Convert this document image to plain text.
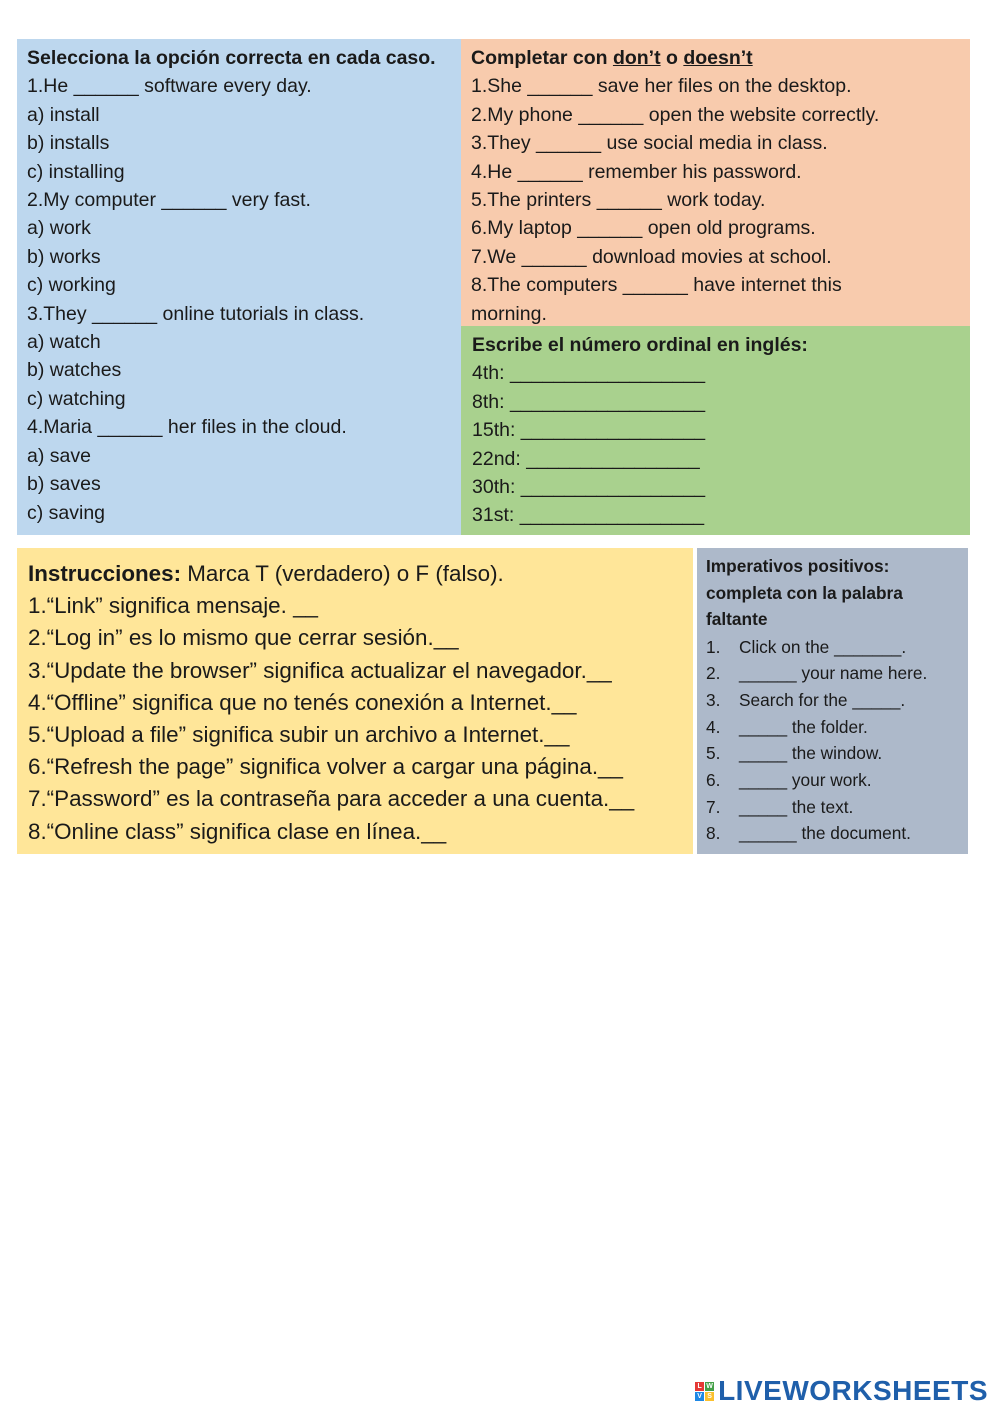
Selecciona la opción correcta en cada caso.
1.He ______ software every day.
a) install
b) installs
c) installing
2.My computer ______ very fast.
a) work
b) works
c) working
3.They ______ online tutorials in class.
a) watch
b) watches
c) watching
4.Maria ______ her files in the cloud.
a) save
b) saves
c) saving
Completar con don’t o doesn’t
1.She ______ save her files on the desktop.
2.My phone ______ open the website correctly.
3.They ______ use social media in class.
4.He ______ remember his password.
5.The printers ______ work today.
6.My laptop ______ open old programs.
7.We ______ download movies at school.
8.The computers ______ have internet this
morning.
Escribe el número ordinal en inglés:
4th: __________________
8th: __________________
15th: _________________
22nd: ________________
30th: _________________
31st: _________________
Instrucciones: Marca T (verdadero) o F (falso).
1.“Link” significa mensaje. __
2.“Log in” es lo mismo que cerrar sesión.__
3.“Update the browser” significa actualizar el navegador.__
4.“Offline” significa que no tenés conexión a Internet.__
5.“Upload a file” significa subir un archivo a Internet.__
6.“Refresh the page” significa volver a cargar una página.__
7.“Password” es la contraseña para acceder a una cuenta.__
8.“Online class” significa clase en línea.__
Imperativos positivos:
completa con la palabra
faltante
1.	Click on the _______.
2.	______ your name here.
3.	Search for the _____.
4.	_____ the folder.
5.	_____ the window.
6.	_____ your work.
7.	_____ the text.
8.	______ the document.
L W
V S LIVEWORKSHEETS
